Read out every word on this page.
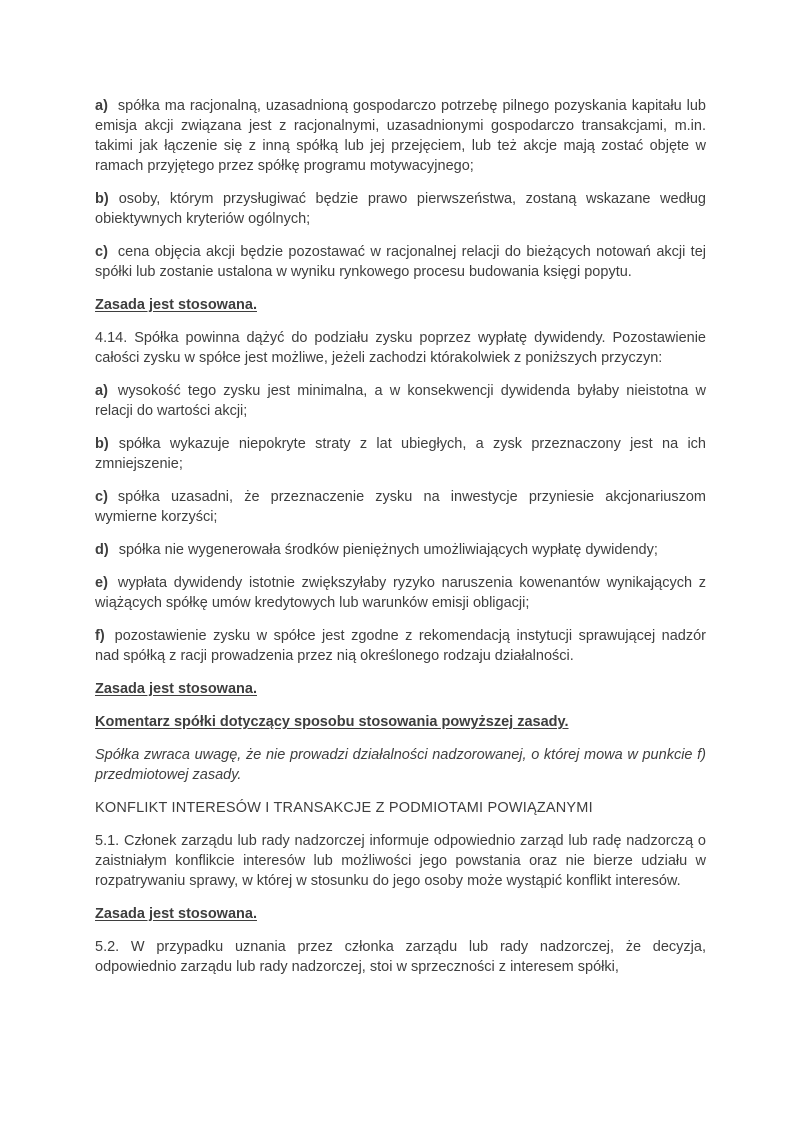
a) spółka ma racjonalną, uzasadnioną gospodarczo potrzebę pilnego pozyskania kapitału lub emisja akcji związana jest z racjonalnymi, uzasadnionymi gospodarczo transakcjami, m.in. takimi jak łączenie się z inną spółką lub jej przejęciem, lub też akcje mają zostać objęte w ramach przyjętego przez spółkę programu motywacyjnego;

b) osoby, którym przysługiwać będzie prawo pierwszeństwa, zostaną wskazane według obiektywnych kryteriów ogólnych;

c) cena objęcia akcji będzie pozostawać w racjonalnej relacji do bieżących notowań akcji tej spółki lub zostanie ustalona w wyniku rynkowego procesu budowania księgi popytu.

Zasada jest stosowana.

4.14. Spółka powinna dążyć do podziału zysku poprzez wypłatę dywidendy. Pozostawienie całości zysku w spółce jest możliwe, jeżeli zachodzi którakolwiek z poniższych przyczyn:

a) wysokość tego zysku jest minimalna, a w konsekwencji dywidenda byłaby nieistotna w relacji do wartości akcji;

b) spółka wykazuje niepokryte straty z lat ubiegłych, a zysk przeznaczony jest na ich zmniejszenie;

c) spółka uzasadni, że przeznaczenie zysku na inwestycje przyniesie akcjonariuszom wymierne korzyści;

d) spółka nie wygenerowała środków pieniężnych umożliwiających wypłatę dywidendy;

e) wypłata dywidendy istotnie zwiększyłaby ryzyko naruszenia kowenantów wynikających z wiążących spółkę umów kredytowych lub warunków emisji obligacji;

f) pozostawienie zysku w spółce jest zgodne z rekomendacją instytucji sprawującej nadzór nad spółką z racji prowadzenia przez nią określonego rodzaju działalności.

Zasada jest stosowana.

Komentarz spółki dotyczący sposobu stosowania powyższej zasady.

Spółka zwraca uwagę, że nie prowadzi działalności nadzorowanej, o której mowa w punkcie f) przedmiotowej zasady.

KONFLIKT INTERESÓW I TRANSAKCJE Z PODMIOTAMI POWIĄZANYMI

5.1. Członek zarządu lub rady nadzorczej informuje odpowiednio zarząd lub radę nadzorczą o zaistniałym konflikcie interesów lub możliwości jego powstania oraz nie bierze udziału w rozpatrywaniu sprawy, w której w stosunku do jego osoby może wystąpić konflikt interesów.

Zasada jest stosowana.

5.2. W przypadku uznania przez członka zarządu lub rady nadzorczej, że decyzja, odpowiednio zarządu lub rady nadzorczej, stoi w sprzeczności z interesem spółki,
